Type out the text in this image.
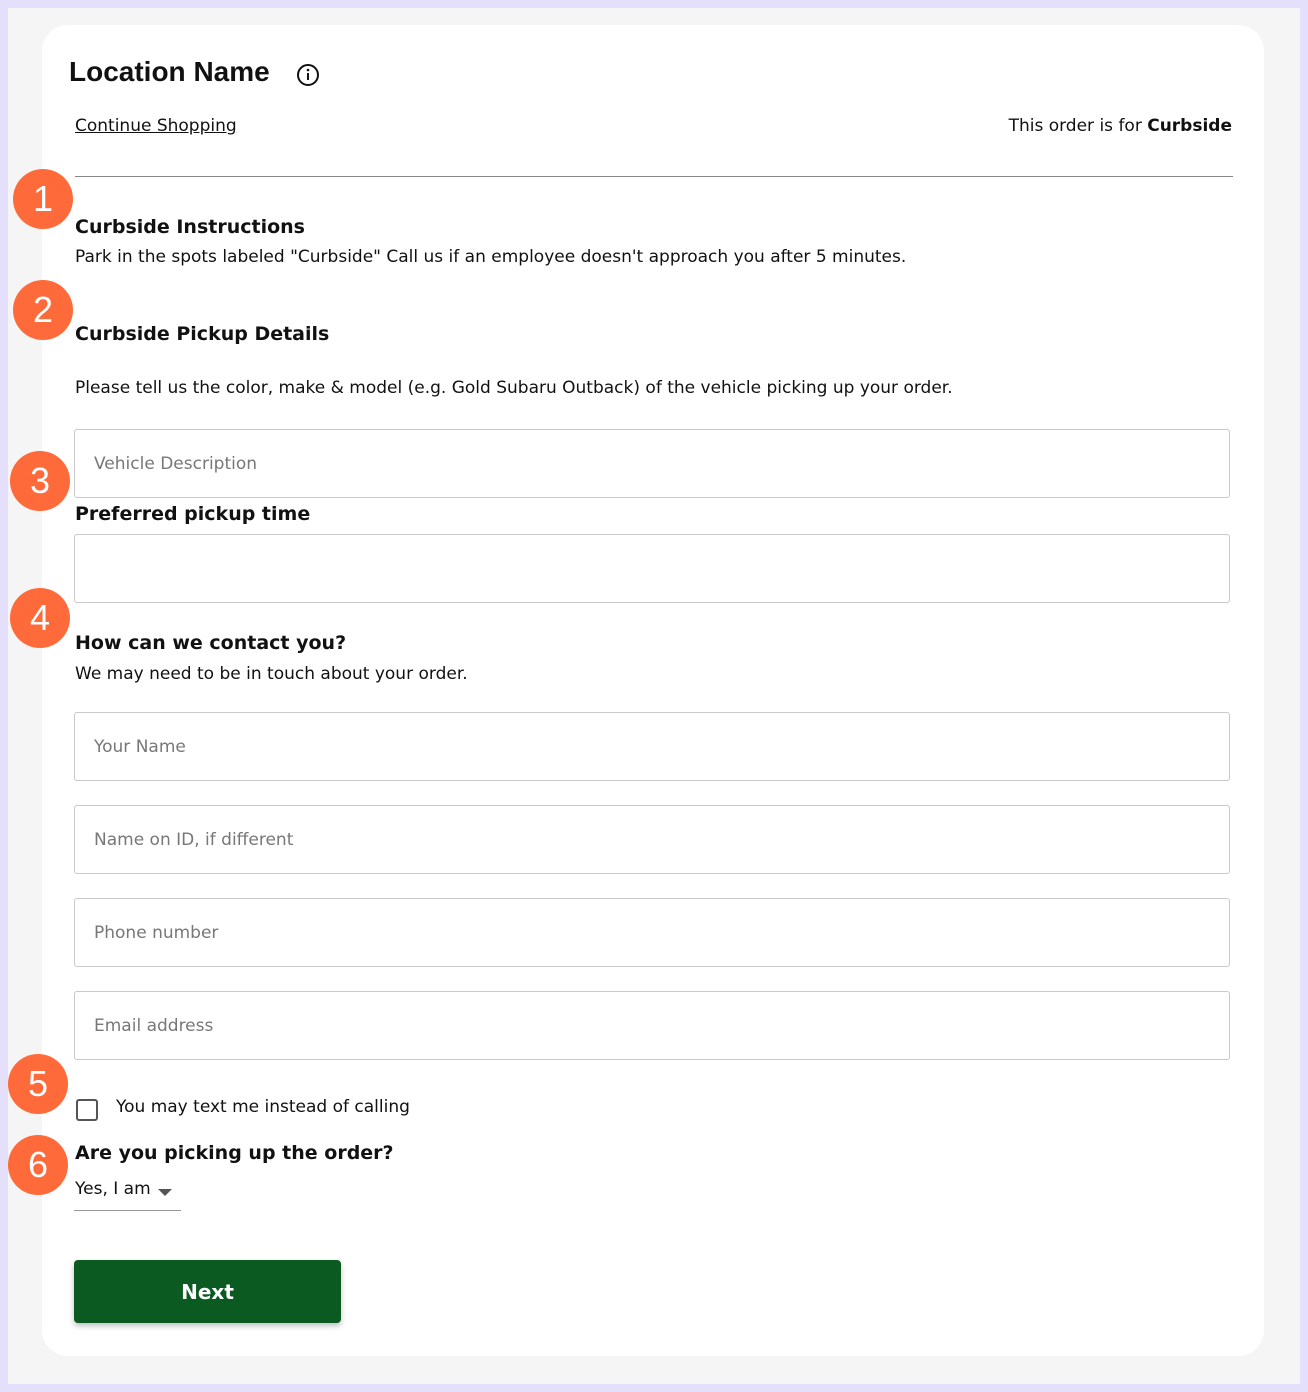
Location Name
Continue Shopping	This order is for Curbside
Curbside Instructions

Park in the spots labeled "Curbside" Call us if an employee doesn't approach you after 5 minutes.

Curbside Pickup Details

Please tell us the color, make & model (e.g. Gold Subaru Outback) of the vehicle picking up your order.

Vehicle Description
Preferred pickup time
How can we contact you?

We may need to be in touch about your order.

Your Name
Name on ID, if different
Phone number
Email address
You may text me instead of calling
Are you picking up the order?
Yes, I am
Next
1
2
3
4
5
6
